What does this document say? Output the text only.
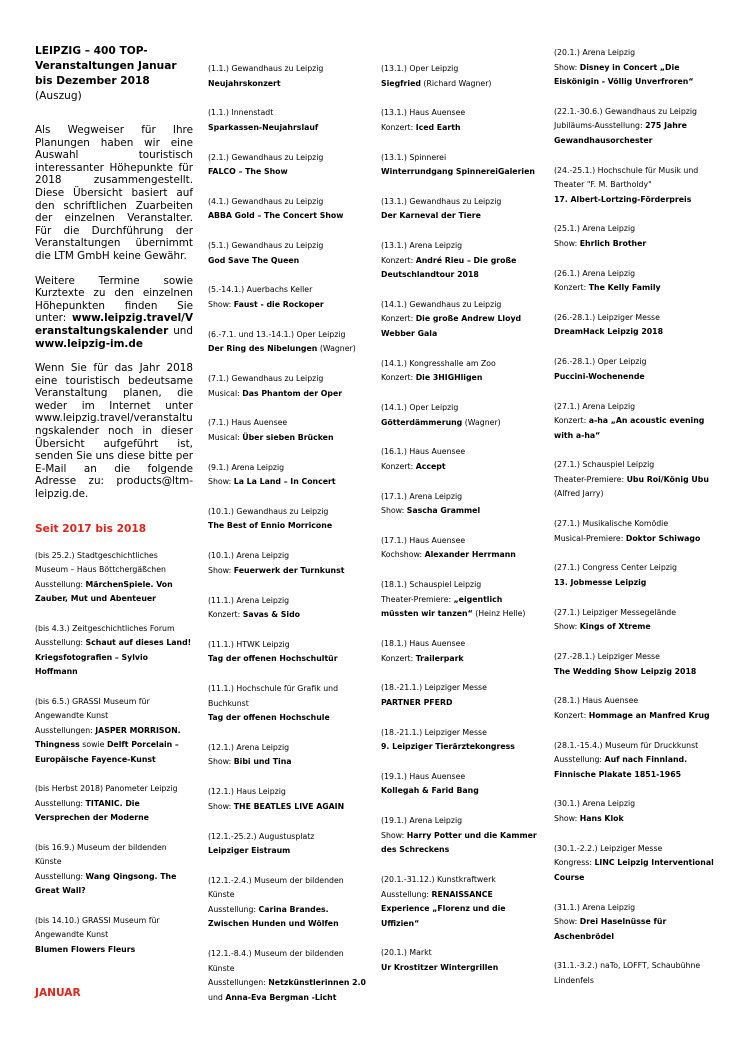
LEIPZIG – 400 TOP-Veranstaltungen Januar bis Dezember 2018 (Auszug)

Als Wegweiser für Ihre Planungen haben wir eine Auswahl touristisch interessanter Höhepunkte für 2018 zusammengestellt. Diese Übersicht basiert auf den schriftlichen Zuarbeiten der einzelnen Veranstalter. Für die Durchführung der Veranstaltungen übernimmt die LTM GmbH keine Gewähr.

Weitere Termine sowie Kurztexte zu den einzelnen Höhepunkten finden Sie unter: www.leipzig.travel/Veranstaltungskalender und www.leipzig-im.de

Wenn Sie für das Jahr 2018 eine touristisch bedeutsame Veranstaltung planen, die weder im Internet unter www.leipzig.travel/veranstaltungskalender noch in dieser Übersicht aufgeführt ist, senden Sie uns diese bitte per E-Mail an die folgende Adresse zu: products@ltm-leipzig.de.

Seit 2017 bis 2018
(bis 25.2.) Stadtgeschichtliches Museum – Haus Böttchergäßchen
Ausstellung: MärchenSpiele. Von Zauber, Mut und Abenteuer
(bis 4.3.) Zeitgeschichtliches Forum
Ausstellung: Schaut auf dieses Land! Kriegsfotografien – Sylvio Hoffmann
(bis 6.5.) GRASSI Museum für Angewandte Kunst
Ausstellungen: JASPER MORRISON. Thingness sowie Delft Porcelain – Europäische Fayence-Kunst
(bis Herbst 2018) Panometer Leipzig
Ausstellung: TITANIC. Die Versprechen der Moderne
(bis 16.9.) Museum der bildenden Künste
Ausstellung: Wang Qingsong. The Great Wall?
(bis 14.10.) GRASSI Museum für Angewandte Kunst
Blumen Flowers Fleurs
JANUAR
(1.1.) Gewandhaus zu Leipzig
Neujahrskonzert
(1.1.) Innenstadt
Sparkassen-Neujahrslauf
(2.1.) Gewandhaus zu Leipzig
FALCO – The Show
(4.1.) Gewandhaus zu Leipzig
ABBA Gold – The Concert Show
(5.1.) Gewandhaus zu Leipzig
God Save The Queen
(5.-14.1.) Auerbachs Keller
Show: Faust - die Rockoper
(6.-7.1. und 13.-14.1.) Oper Leipzig
Der Ring des Nibelungen (Wagner)
(7.1.) Gewandhaus zu Leipzig
Musical: Das Phantom der Oper
(7.1.) Haus Auensee
Musical: Über sieben Brücken
(9.1.) Arena Leipzig
Show: La La Land – In Concert
(10.1.) Gewandhaus zu Leipzig
The Best of Ennio Morricone
(10.1.) Arena Leipzig
Show: Feuerwerk der Turnkunst
(11.1.) Arena Leipzig
Konzert: Savas & Sido
(11.1.) HTWK Leipzig
Tag der offenen Hochschultür
(11.1.) Hochschule für Grafik und Buchkunst
Tag der offenen Hochschule
(12.1.) Arena Leipzig
Show: Bibi und Tina
(12.1.) Haus Leipzig
Show: THE BEATLES LIVE AGAIN
(12.1.-25.2.) Augustusplatz
Leipziger Eistraum
(12.1.-2.4.) Museum der bildenden Künste
Ausstellung: Carina Brandes. Zwischen Hunden und Wölfen
(12.1.-8.4.) Museum der bildenden Künste
Ausstellungen: Netzkünstlerinnen 2.0 und Anna-Eva Bergman -Licht
(13.1.) Oper Leipzig
Siegfried (Richard Wagner)
(13.1.) Haus Auensee
Konzert: Iced Earth
(13.1.) Spinnerei
Winterrundgang SpinnereiGalerien
(13.1.) Gewandhaus zu Leipzig
Der Karneval der Tiere
(13.1.) Arena Leipzig
Konzert: André Rieu – Die große Deutschlandtour 2018
(14.1.) Gewandhaus zu Leipzig
Konzert: Die große Andrew Lloyd Webber Gala
(14.1.) Kongresshalle am Zoo
Konzert: Die 3HIGHligen
(14.1.) Oper Leipzig
Götterdämmerung (Wagner)
(16.1.) Haus Auensee
Konzert: Accept
(17.1.) Arena Leipzig
Show: Sascha Grammel
(17.1.) Haus Auensee
Kochshow: Alexander Herrmann
(18.1.) Schauspiel Leipzig
Theater-Premiere: „eigentlich müssten wir tanzen“ (Heinz Helle)
(18.1.) Haus Auensee
Konzert: Trailerpark
(18.-21.1.) Leipziger Messe
PARTNER PFERD
(18.-21.1.) Leipziger Messe
9. Leipziger Tierärztekongress
(19.1.) Haus Auensee
Kollegah & Farid Bang
(19.1.) Arena Leipzig
Show: Harry Potter und die Kammer des Schreckens
(20.1.-31.12.) Kunstkraftwerk
Ausstellung: RENAISSANCE Experience „Florenz und die Uffizien“
(20.1.) Markt
Ur Krostitzer Wintergrillen
(20.1.) Arena Leipzig
Show: Disney in Concert „Die Eiskönigin - Völlig Unverfroren“
(22.1.-30.6.) Gewandhaus zu Leipzig
Jubiläums-Ausstellung: 275 Jahre Gewandhausorchester
(24.-25.1.) Hochschule für Musik und Theater "F. M. Bartholdy"
17. Albert-Lortzing-Förderpreis
(25.1.) Arena Leipzig
Show: Ehrlich Brother
(26.1.) Arena Leipzig
Konzert: The Kelly Family
(26.-28.1.) Leipziger Messe
DreamHack Leipzig 2018
(26.-28.1.) Oper Leipzig
Puccini-Wochenende
(27.1.) Arena Leipzig
Konzert: a-ha „An acoustic evening with a-ha“
(27.1.) Schauspiel Leipzig
Theater-Premiere: Ubu Roi/König Ubu (Alfred Jarry)
(27.1.) Musikalische Komödie
Musical-Premiere: Doktor Schiwago
(27.1.) Congress Center Leipzig
13. Jobmesse Leipzig
(27.1.) Leipziger Messegelände
Show: Kings of Xtreme
(27.-28.1.) Leipziger Messe
The Wedding Show Leipzig 2018
(28.1.) Haus Auensee
Konzert: Hommage an Manfred Krug
(28.1.-15.4.) Museum für Druckkunst
Ausstellung: Auf nach Finnland. Finnische Plakate 1851-1965
(30.1.) Arena Leipzig
Show: Hans Klok
(30.1.-2.2.) Leipziger Messe
Kongress: LINC Leipzig Interventional Course
(31.1.) Arena Leipzig
Show: Drei Haselnüsse für Aschenbrödel
(31.1.-3.2.) naTo, LOFFT, Schaubühne Lindenfels
